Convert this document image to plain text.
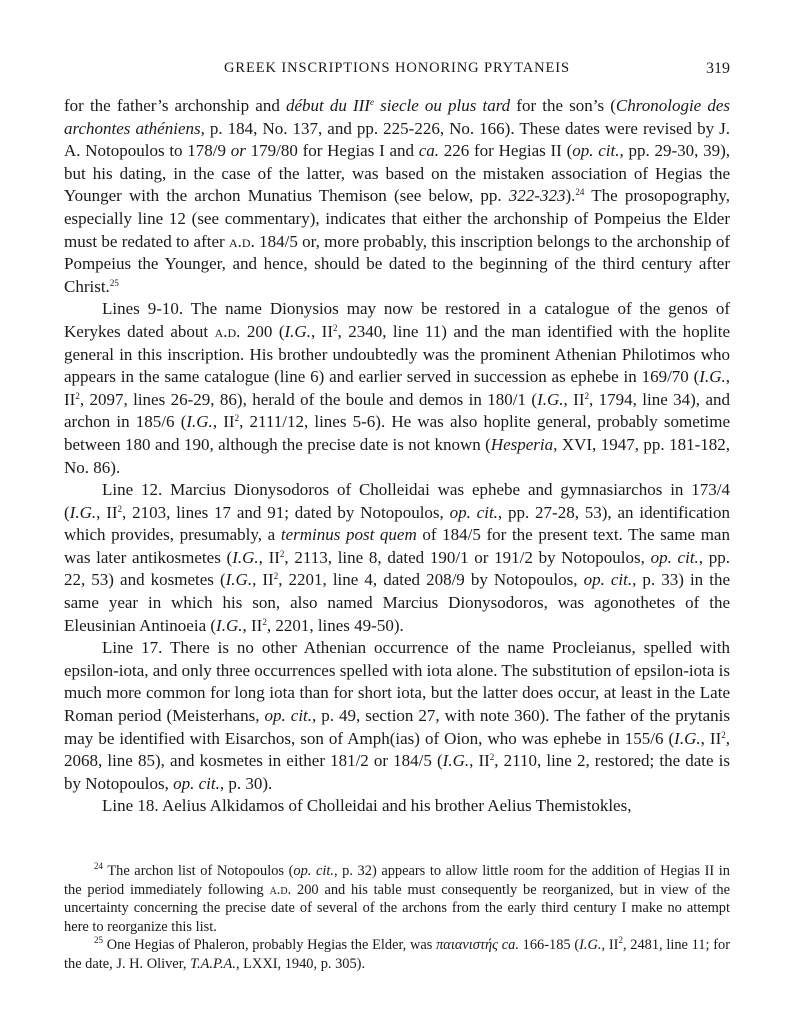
GREEK INSCRIPTIONS HONORING PRYTANEIS	319

for the father’s archonship and début du IIIe siecle ou plus tard for the son’s (Chronologie des archontes athéniens, p. 184, No. 137, and pp. 225-226, No. 166). These dates were revised by J. A. Notopoulos to 178/9 or 179/80 for Hegias I and ca. 226 for Hegias II (op. cit., pp. 29-30, 39), but his dating, in the case of the latter, was based on the mistaken association of Hegias the Younger with the archon Munatius Themison (see below, pp. 322-323).$^{24}$ The prosopography, especially line 12 (see commentary), indicates that either the archonship of Pompeius the Elder must be redated to after a.d. 184/5 or, more probably, this inscription belongs to the archonship of Pompeius the Younger, and hence, should be dated to the beginning of the third century after Christ.$^{25}$

Lines 9-10. The name Dionysios may now be restored in a catalogue of the genos of Kerykes dated about a.d. 200 (I.G., $II^2$, 2340, line 11) and the man identified with the hoplite general in this inscription. His brother undoubtedly was the prominent Athenian Philotimos who appears in the same catalogue (line 6) and earlier served in succession as ephebe in 169/70 (I.G., $II^2$, 2097, lines 26-29, 86), herald of the boule and demos in 180/1 (I.G., $II^2$, 1794, line 34), and archon in 185/6 (I.G., $II^2$, 2111/12, lines 5-6). He was also hoplite general, probably sometime between 180 and 190, although the precise date is not known (Hesperia, XVI, 1947, pp. 181-182, No. 86).

Line 12. Marcius Dionysodoros of Cholleidai was ephebe and gymnasiarchos in 173/4 (I.G., $II^2$, 2103, lines 17 and 91; dated by Notopoulos, op. cit., pp. 27-28, 53), an identification which provides, presumably, a terminus post quem of 184/5 for the present text. The same man was later antikosmetes (I.G., $II^2$, 2113, line 8, dated 190/1 or 191/2 by Notopoulos, op. cit., pp. 22, 53) and kosmetes (I.G., $II^2$, 2201, line 4, dated 208/9 by Notopoulos, op. cit., p. 33) in the same year in which his son, also named Marcius Dionysodoros, was agonothetes of the Eleusinian Antinoeia (I.G., $II^2$, 2201, lines 49-50).

Line 17. There is no other Athenian occurrence of the name Procleianus, spelled with epsilon-iota, and only three occurrences spelled with iota alone. The substitution of epsilon-iota is much more common for long iota than for short iota, but the latter does occur, at least in the Late Roman period (Meisterhans, op. cit., p. 49, section 27, with note 360). The father of the prytanis may be identified with Eisarchos, son of Amph(ias) of Oion, who was ephebe in 155/6 (I.G., $II^2$, 2068, line 85), and kosmetes in either 181/2 or 184/5 (I.G., $II^2$, 2110, line 2, restored; the date is by Notopoulos, op. cit., p. 30).

Line 18. Aelius Alkidamos of Cholleidai and his brother Aelius Themistokles,

$^{24}$ The archon list of Notopoulos (op. cit., p. 32) appears to allow little room for the addition of Hegias II in the period immediately following a.d. 200 and his table must consequently be reorganized, but in view of the uncertainty concerning the precise date of several of the archons from the early third century I make no attempt here to reorganize this list.

$^{25}$ One Hegias of Phaleron, probably Hegias the Elder, was παιανιστής ca. 166-185 (I.G., $II^2$, 2481, line 11; for the date, J. H. Oliver, T.A.P.A., LXXI, 1940, p. 305).
